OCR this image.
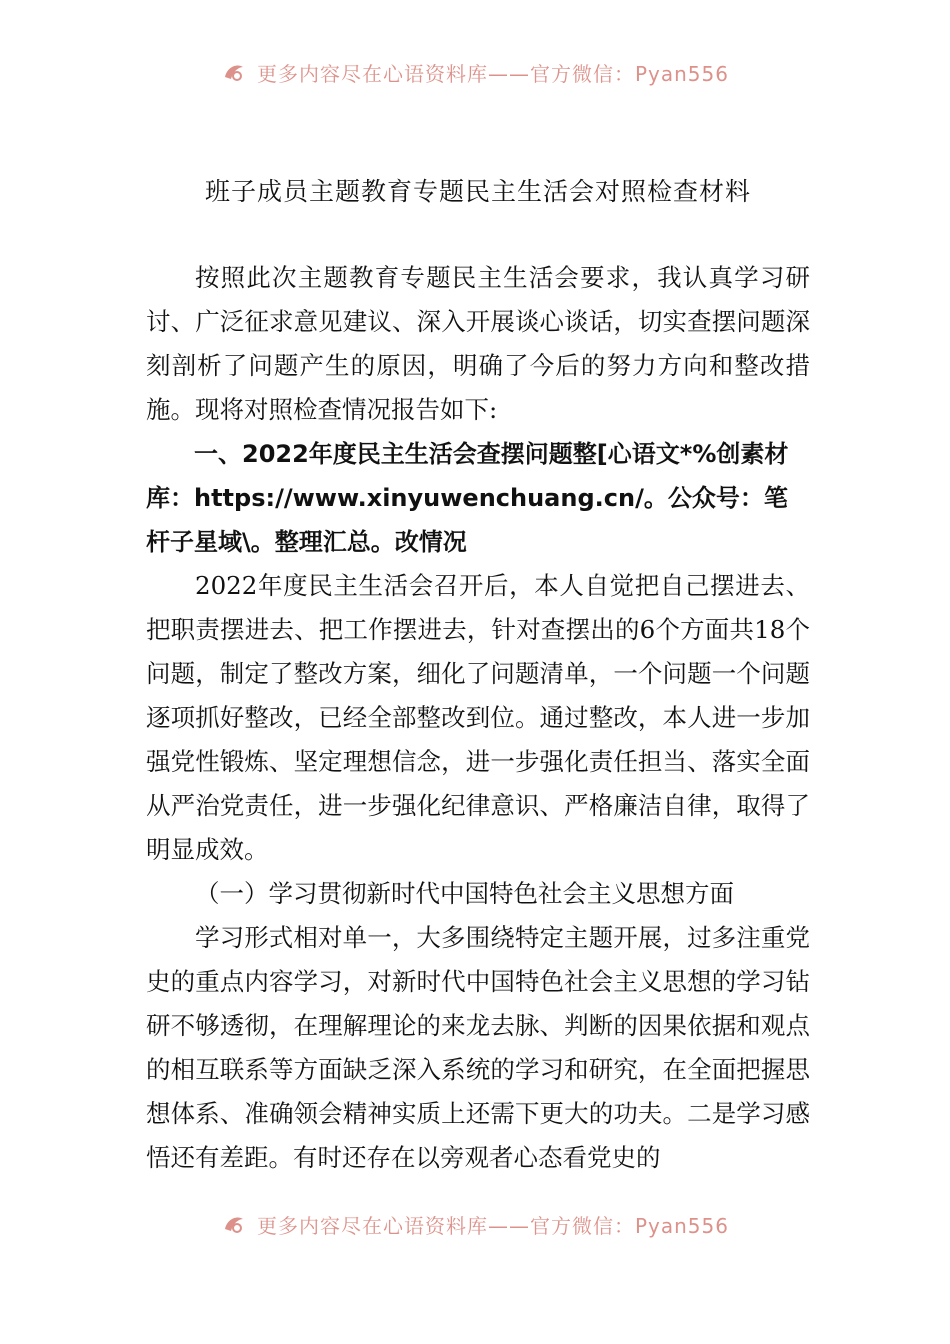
更多内容尽在心语资料库——官方微信：Pyan556
班子成员主题教育专题民主生活会对照检查材料

按照此次主题教育专题民主生活会要求，我认真学习研讨、广泛征求意见建议、深入开展谈心谈话，切实查摆问题深刻剖析了问题产生的原因，明确了今后的努力方向和整改措施。现将对照检查情况报告如下:

一、2022年度民主生活会查摆问题整[心语文*%创素材库：https://www.xinyuwenchuang.cn/。公众号：笔杆子星域\。整理汇总。改情况

2022年度民主生活会召开后，本人自觉把自己摆进去、把职责摆进去、把工作摆进去，针对查摆出的6个方面共18个问题，制定了整改方案，细化了问题清单，一个问题一个问题逐项抓好整改，已经全部整改到位。通过整改，本人进一步加强党性锻炼、坚定理想信念，进一步强化责任担当、落实全面从严治党责任，进一步强化纪律意识、严格廉洁自律，取得了明显成效。

（一）学习贯彻新时代中国特色社会主义思想方面

学习形式相对单一，大多围绕特定主题开展，过多注重党史的重点内容学习，对新时代中国特色社会主义思想的学习钻研不够透彻，在理解理论的来龙去脉、判断的因果依据和观点的相互联系等方面缺乏深入系统的学习和研究，在全面把握思想体系、准确领会精神实质上还需下更大的功夫。二是学习感悟还有差距。有时还存在以旁观者心态看党史的

更多内容尽在心语资料库——官方微信：Pyan556
